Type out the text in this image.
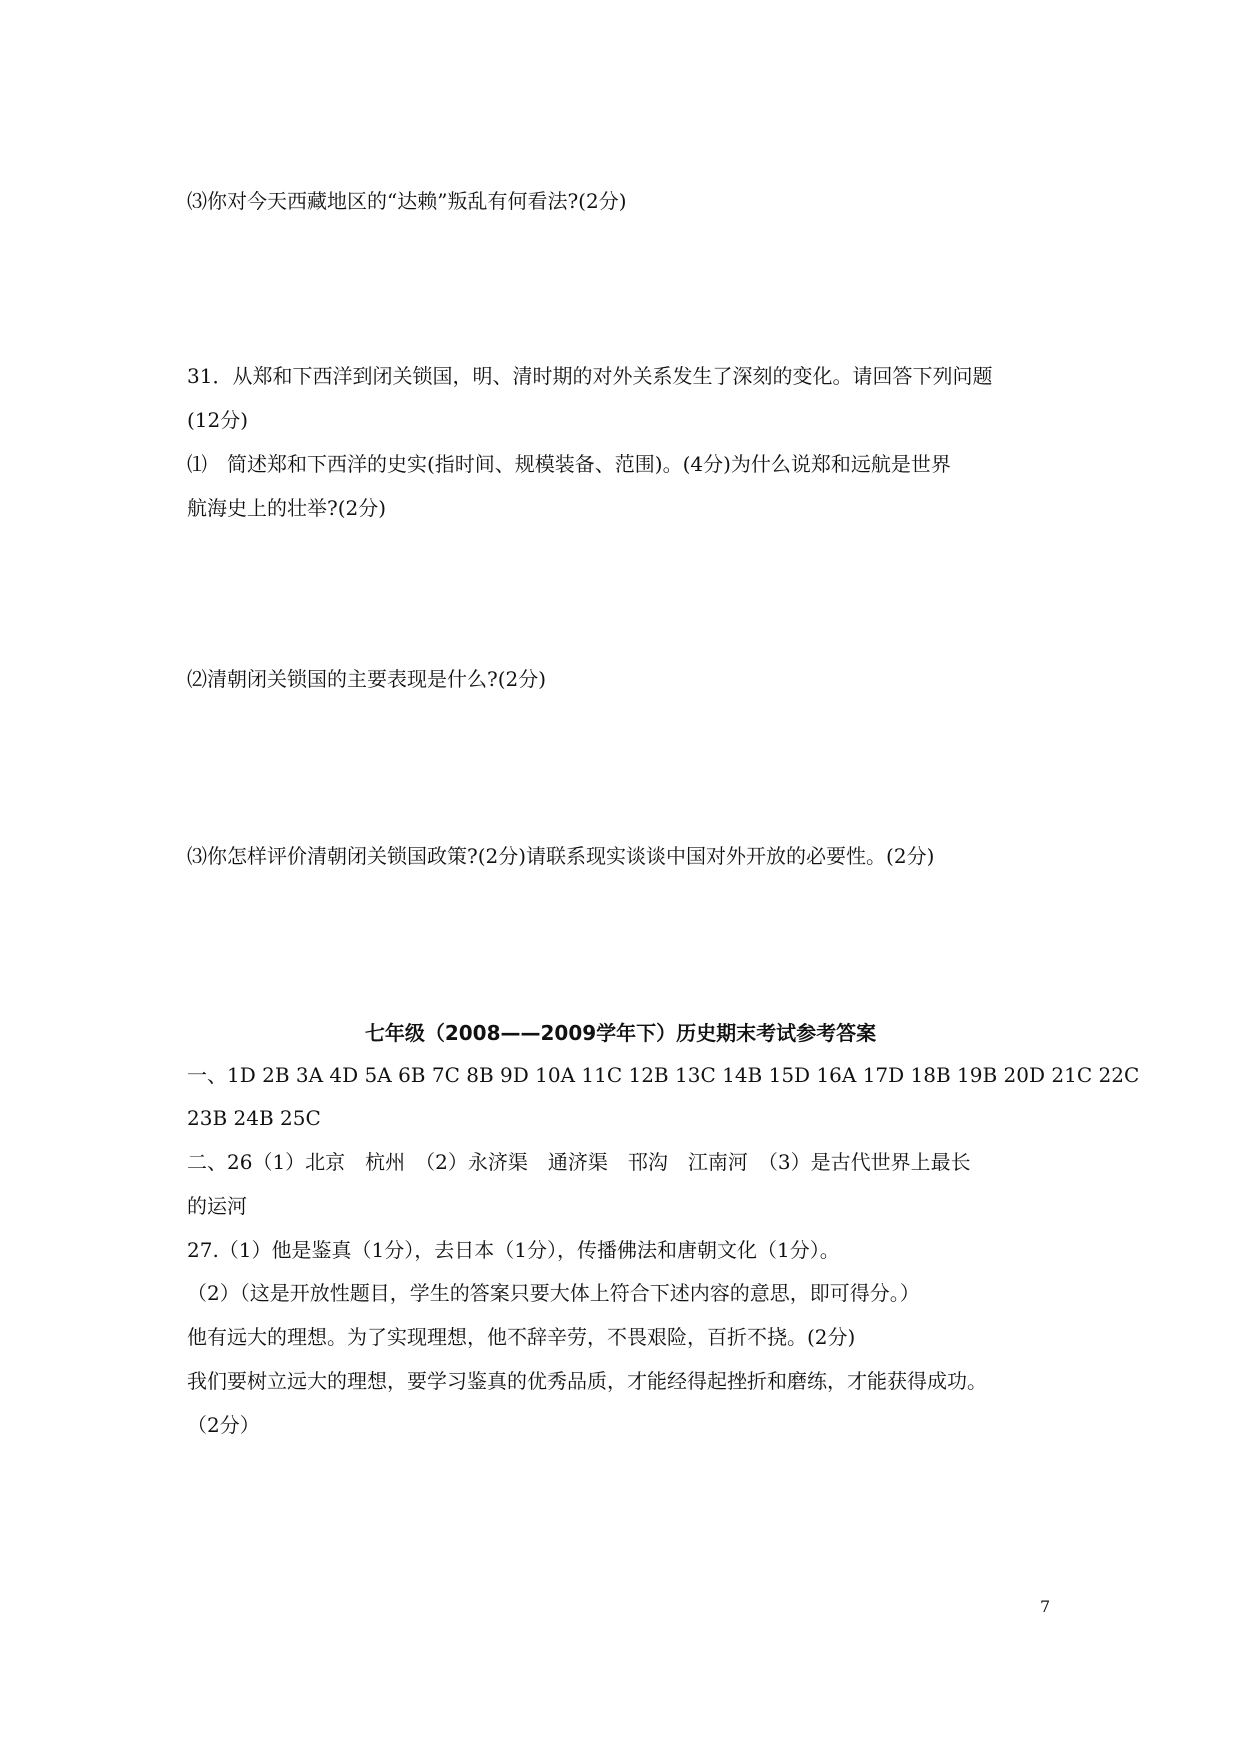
⑶你对今天西藏地区的“达赖”叛乱有何看法?(2分)
31．从郑和下西洋到闭关锁国，明、清时期的对外关系发生了深刻的变化。请回答下列问题
(12分)
⑴　简述郑和下西洋的史实(指时间、规模装备、范围)。(4分)为什么说郑和远航是世界
航海史上的壮举?(2分)
⑵清朝闭关锁国的主要表现是什么?(2分)
⑶你怎样评价清朝闭关锁国政策?(2分)请联系现实谈谈中国对外开放的必要性。(2分)
七年级（2008——2009学年下）历史期末考试参考答案
一、1D 2B 3A 4D 5A 6B 7C 8B 9D 10A 11C 12B 13C 14B 15D 16A 17D 18B 19B 20D 21C 22C
23B 24B 25C
二、26（1）北京　杭州　（2）永济渠　通济渠　邗沟　江南河　（3）是古代世界上最长
的运河
27.（1）他是鉴真（1分），去日本（1分），传播佛法和唐朝文化（1分）。
（2）（这是开放性题目，学生的答案只要大体上符合下述内容的意思，即可得分。）
他有远大的理想。为了实现理想，他不辞辛劳，不畏艰险，百折不挠。(2分)
我们要树立远大的理想，要学习鉴真的优秀品质，才能经得起挫折和磨练，才能获得成功。
（2分）
7
